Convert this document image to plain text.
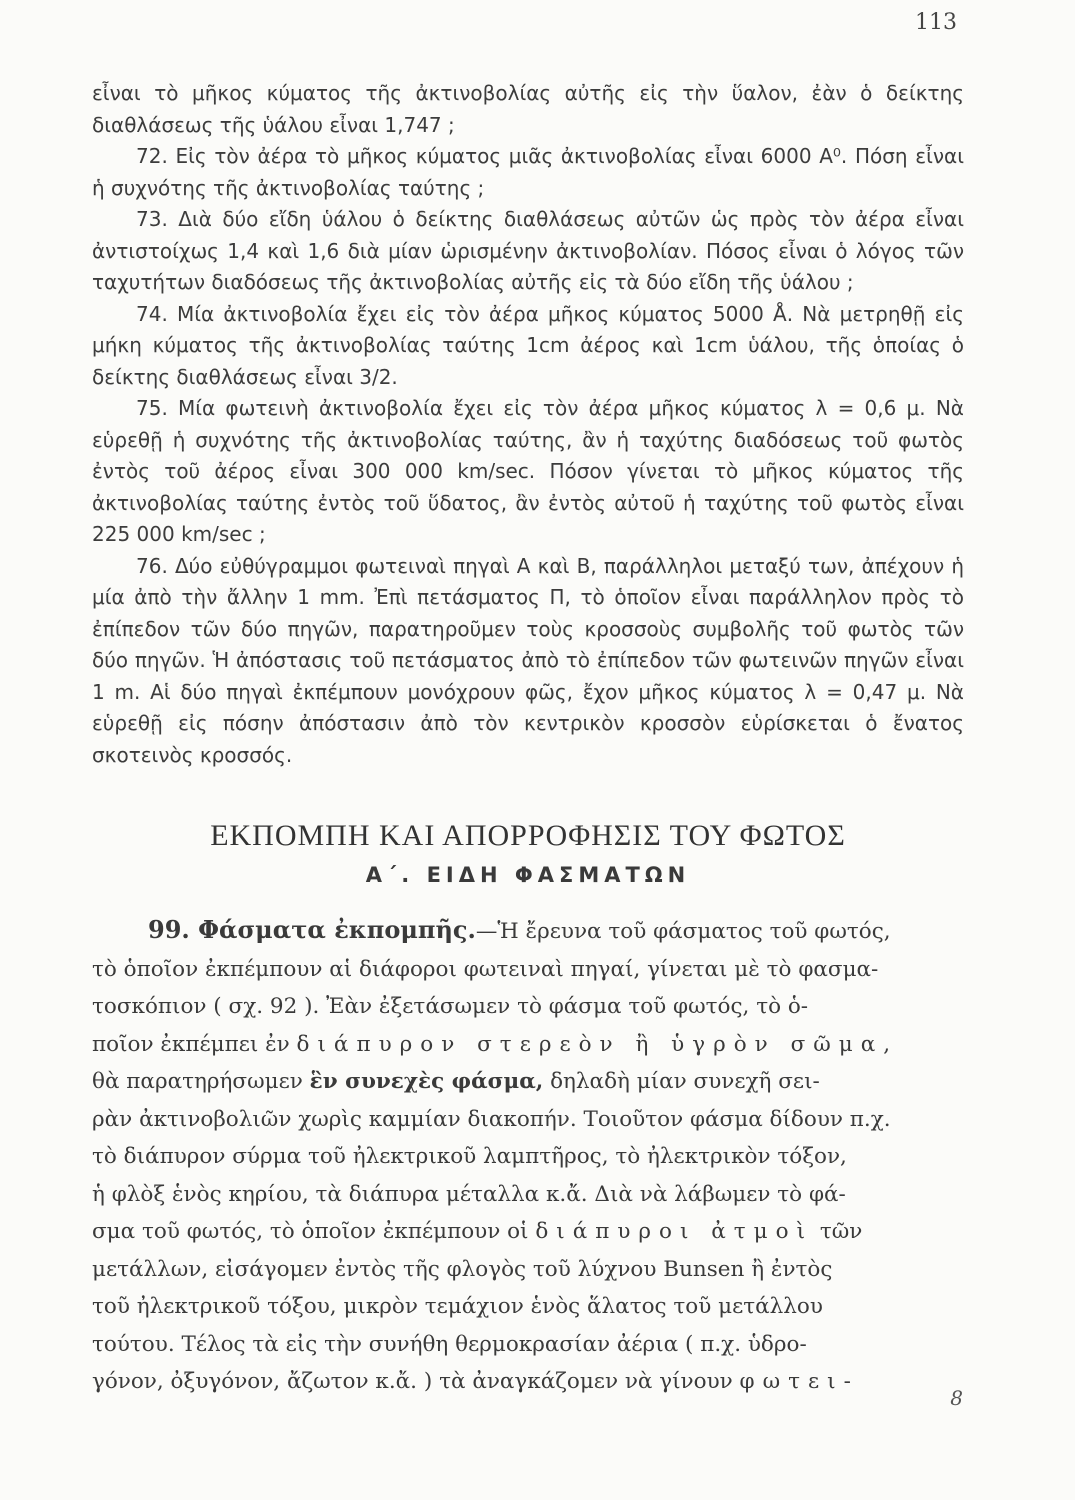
113

εἶναι τὸ μῆκος κύματος τῆς ἀκτινοβολίας αὐτῆς εἰς τὴν ὕαλον, ἐὰν ὁ δείκτης διαθλάσεως τῆς ὑάλου εἶναι 1,747 ;

72. Εἰς τὸν ἀέρα τὸ μῆκος κύματος μιᾶς ἀκτινοβολίας εἶναι 6000 A⁰. Πόση εἶναι ἡ συχνότης τῆς ἀκτινοβολίας ταύτης ;

73. Διὰ δύο εἴδη ὑάλου ὁ δείκτης διαθλάσεως αὐτῶν ὡς πρὸς τὸν ἀέρα εἶναι ἀντιστοίχως 1,4 καὶ 1,6 διὰ μίαν ὡρισμένην ἀκτινοβολίαν. Πόσος εἶναι ὁ λόγος τῶν ταχυτήτων διαδόσεως τῆς ἀκτινοβολίας αὐτῆς εἰς τὰ δύο εἴδη τῆς ὑάλου ;

74. Μία ἀκτινοβολία ἔχει εἰς τὸν ἀέρα μῆκος κύματος 5000 Å. Νὰ μετρηθῇ εἰς μήκη κύματος τῆς ἀκτινοβολίας ταύτης 1cm ἀέρος καὶ 1cm ὑάλου, τῆς ὁποίας ὁ δείκτης διαθλάσεως εἶναι 3/2.

75. Μία φωτεινὴ ἀκτινοβολία ἔχει εἰς τὸν ἀέρα μῆκος κύματος λ = 0,6 μ. Νὰ εὑρεθῇ ἡ συχνότης τῆς ἀκτινοβολίας ταύτης, ἂν ἡ ταχύτης διαδόσεως τοῦ φωτὸς ἐντὸς τοῦ ἀέρος εἶναι 300 000 km/sec. Πόσον γίνεται τὸ μῆκος κύματος τῆς ἀκτινοβολίας ταύτης ἐντὸς τοῦ ὕδατος, ἂν ἐντὸς αὐτοῦ ἡ ταχύτης τοῦ φωτὸς εἶναι 225 000 km/sec ;

76. Δύο εὐθύγραμμοι φωτειναὶ πηγαὶ Α καὶ Β, παράλληλοι μεταξύ των, ἀπέχουν ἡ μία ἀπὸ τὴν ἄλλην 1 mm. Ἐπὶ πετάσματος Π, τὸ ὁποῖον εἶναι παράλληλον πρὸς τὸ ἐπίπεδον τῶν δύο πηγῶν, παρατηροῦμεν τοὺς κροσσοὺς συμβολῆς τοῦ φωτὸς τῶν δύο πηγῶν. Ἡ ἀπόστασις τοῦ πετάσματος ἀπὸ τὸ ἐπίπεδον τῶν φωτεινῶν πηγῶν εἶναι 1 m. Αἱ δύο πηγαὶ ἐκπέμπουν μονόχρουν φῶς, ἔχον μῆκος κύματος λ = 0,47 μ. Νὰ εὑρεθῇ εἰς πόσην ἀπόστασιν ἀπὸ τὸν κεντρικὸν κροσσὸν εὑρίσκεται ὁ ἔνατος σκοτεινὸς κροσσός.

ΕΚΠΟΜΠΗ ΚΑΙ ΑΠΟΡΡΟΦΗΣΙΣ ΤΟΥ ΦΩΤΟΣ
Α΄. ΕΙΔΗ ΦΑΣΜΑΤΩΝ
99. Φάσματα ἐκπομπῆς.—Ἡ ἔρευνα τοῦ φάσματος τοῦ φωτός,
τὸ ὁποῖον ἐκπέμπουν αἱ διάφοροι φωτειναὶ πηγαί, γίνεται μὲ τὸ φασμα-
τοσκόπιον ( σχ. 92 ). Ἐὰν ἐξετάσωμεν τὸ φάσμα τοῦ φωτός, τὸ ὁ-
ποῖον ἐκπέμπει ἐν διάπυρον στερεὸν ἢ ὑγρὸν σῶμα,
θὰ παρατηρήσωμεν ἓν συνεχὲς φάσμα, δηλαδὴ μίαν συνεχῆ σει-
ρὰν ἀκτινοβολιῶν χωρὶς καμμίαν διακοπήν. Τοιοῦτον φάσμα δίδουν π.χ.
τὸ διάπυρον σύρμα τοῦ ἠλεκτρικοῦ λαμπτῆρος, τὸ ἠλεκτρικὸν τόξον,
ἡ φλὸξ ἑνὸς κηρίου, τὰ διάπυρα μέταλλα κ.ἄ. Διὰ νὰ λάβωμεν τὸ φά-
σμα τοῦ φωτός, τὸ ὁποῖον ἐκπέμπουν οἱ διάπυροι ἀτμοὶ τῶν
μετάλλων, εἰσάγομεν ἐντὸς τῆς φλογὸς τοῦ λύχνου Bunsen ἢ ἐντὸς
τοῦ ἠλεκτρικοῦ τόξου, μικρὸν τεμάχιον ἑνὸς ἅλατος τοῦ μετάλλου
τούτου. Τέλος τὰ εἰς τὴν συνήθη θερμοκρασίαν ἀέρια ( π.χ. ὑδρο-
γόνον, ὀξυγόνον, ἄζωτον κ.ἄ. ) τὰ ἀναγκάζομεν νὰ γίνουν φωτει-
8
